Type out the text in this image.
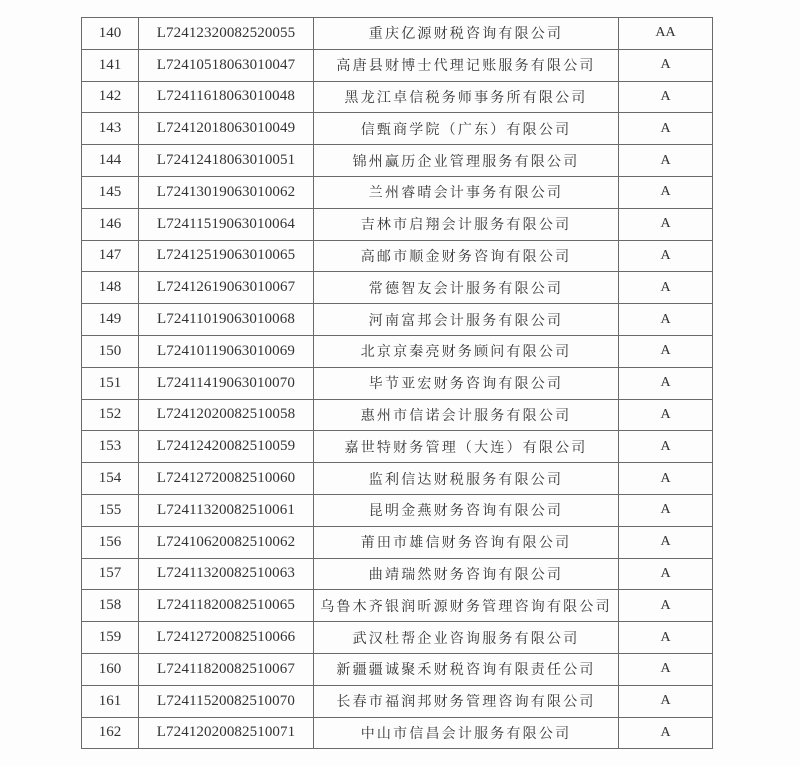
140	L72412320082520055	重庆亿源财税咨询有限公司	AA
141	L72410518063010047	高唐县财博士代理记账服务有限公司	A
142	L72411618063010048	黑龙江卓信税务师事务所有限公司	A
143	L72412018063010049	信甄商学院（广东）有限公司	A
144	L72412418063010051	锦州赢历企业管理服务有限公司	A
145	L72413019063010062	兰州睿晴会计事务有限公司	A
146	L72411519063010064	吉林市启翔会计服务有限公司	A
147	L72412519063010065	高邮市顺金财务咨询有限公司	A
148	L72412619063010067	常德智友会计服务有限公司	A
149	L72411019063010068	河南富邦会计服务有限公司	A
150	L72410119063010069	北京京秦亮财务顾问有限公司	A
151	L72411419063010070	毕节亚宏财务咨询有限公司	A
152	L72412020082510058	惠州市信诺会计服务有限公司	A
153	L72412420082510059	嘉世特财务管理（大连）有限公司	A
154	L72412720082510060	监利信达财税服务有限公司	A
155	L72411320082510061	昆明金燕财务咨询有限公司	A
156	L72410620082510062	莆田市雄信财务咨询有限公司	A
157	L72411320082510063	曲靖瑞然财务咨询有限公司	A
158	L72411820082510065	乌鲁木齐银润昕源财务管理咨询有限公司	A
159	L72412720082510066	武汉杜帮企业咨询服务有限公司	A
160	L72411820082510067	新疆疆诚聚禾财税咨询有限责任公司	A
161	L72411520082510070	长春市福润邦财务管理咨询有限公司	A
162	L72412020082510071	中山市信昌会计服务有限公司	A
